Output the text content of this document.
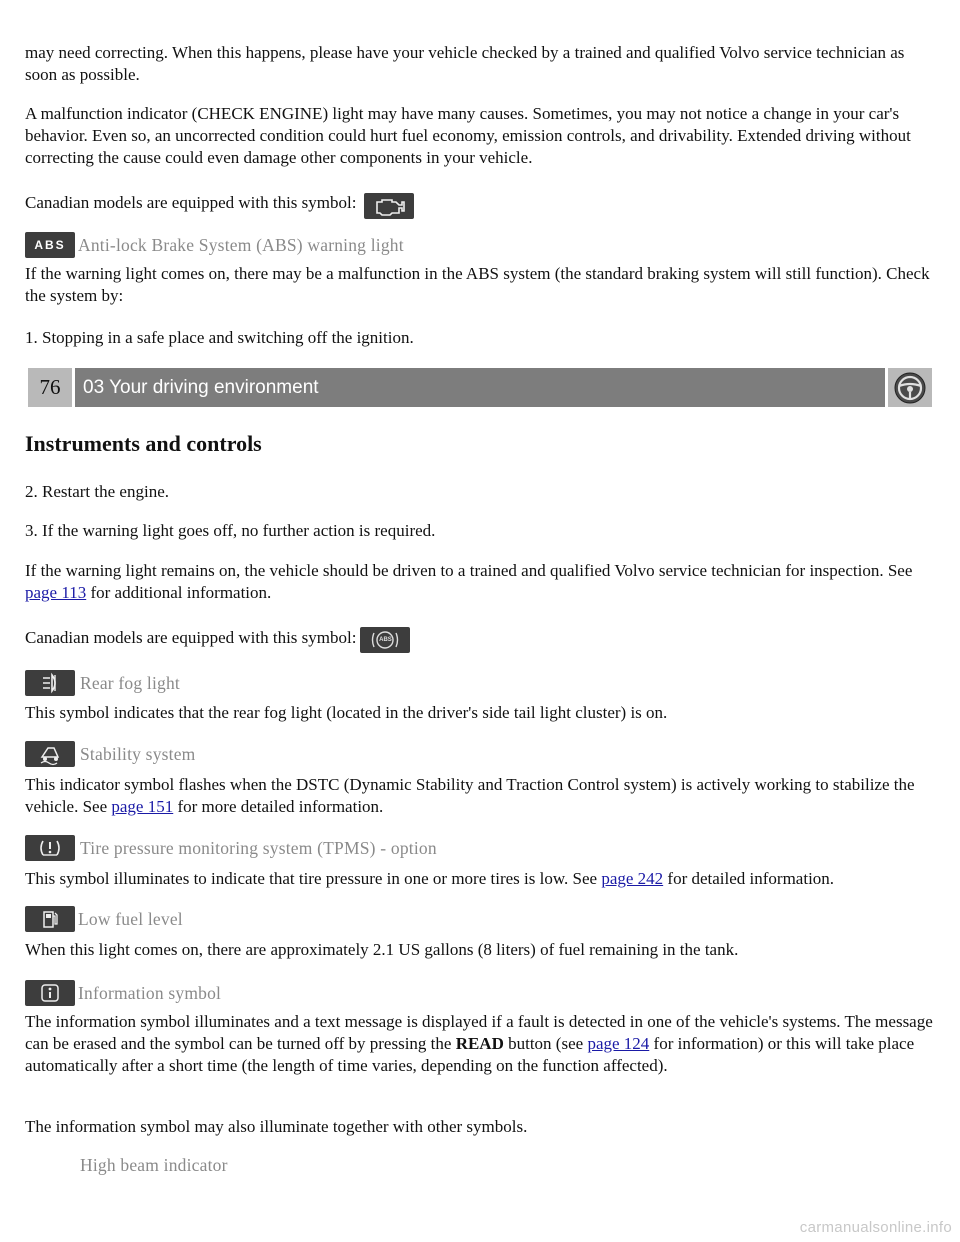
may need correcting. When this happens, please have your vehicle checked by a trained and qualified Volvo service technician as soon as possible.

A malfunction indicator (CHECK ENGINE) light may have many causes. Sometimes, you may not notice a change in your car's behavior. Even so, an uncorrected condition could hurt fuel economy, emission controls, and drivability. Extended driving without correcting the cause could even damage other components in your vehicle.

Canadian models are equipped with this symbol:
ABS Anti-lock Brake System (ABS) warning light

If the warning light comes on, there may be a malfunction in the ABS system (the standard braking system will still function). Check the system by:

1. Stopping in a safe place and switching off the ignition.

76	03 Your driving environment
Instruments and controls

2. Restart the engine.

3. If the warning light goes off, no further action is required.

If the warning light remains on, the vehicle should be driven to a trained and qualified Volvo service technician for inspection. See page 113 for additional information.

Canadian models are equipped with this symbol:	ABS
Rear fog light

This symbol indicates that the rear fog light (located in the driver's side tail light cluster) is on.

Stability system

This indicator symbol flashes when the DSTC (Dynamic Stability and Traction Control system) is actively working to stabilize the vehicle. See page 151 for more detailed information.

Tire pressure monitoring system (TPMS) - option

This symbol illuminates to indicate that tire pressure in one or more tires is low. See page 242 for detailed information.

Low fuel level

When this light comes on, there are approximately 2.1 US gallons (8 liters) of fuel remaining in the tank.

Information symbol

The information symbol illuminates and a text message is displayed if a fault is detected in one of the vehicle's systems. The message can be erased and the symbol can be turned off by pressing the READ button (see page 124 for information) or this will take place automatically after a short time (the length of time varies, depending on the function affected).

The information symbol may also illuminate together with other symbols.

High beam indicator
carmanualsonline.info
